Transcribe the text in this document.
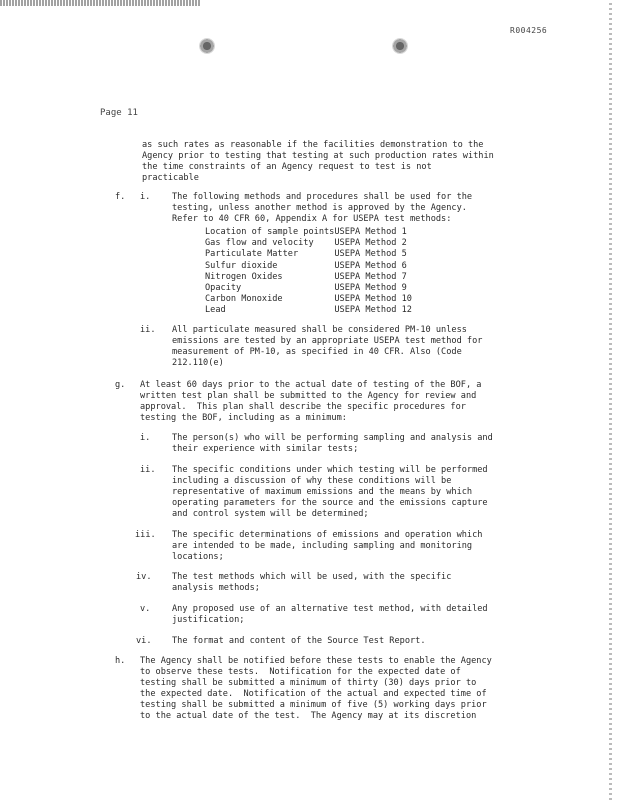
R004256
Page 11
as such rates as reasonable if the facilities demonstration to the
Agency prior to testing that testing at such production rates within
the time constraints of an Agency request to test is not
practicable
f. i.	The following methods and procedures shall be used for the
testing, unless another method is approved by the Agency.
Refer to 40 CFR 60, Appendix A for USEPA test methods:
Location of sample points	USEPA Method 1
Gas flow and velocity	USEPA Method 2
Particulate Matter	USEPA Method 5
Sulfur dioxide	USEPA Method 6
Nitrogen Oxides	USEPA Method 7
Opacity	USEPA Method 9
Carbon Monoxide	USEPA Method 10
Lead	USEPA Method 12
ii. All particulate measured shall be considered PM-10 unless
emissions are tested by an appropriate USEPA test method for
measurement of PM-10, as specified in 40 CFR. Also (Code
212.110(e)
g. At least 60 days prior to the actual date of testing of the BOF, a
written test plan shall be submitted to the Agency for review and
approval.  This plan shall describe the specific procedures for
testing the BOF, including as a minimum:
i.	The person(s) who will be performing sampling and analysis and
their experience with similar tests;
ii. The specific conditions under which testing will be performed
including a discussion of why these conditions will be
representative of maximum emissions and the means by which
operating parameters for the source and the emissions capture
and control system will be determined;
iii. The specific determinations of emissions and operation which
are intended to be made, including sampling and monitoring
locations;
iv. The test methods which will be used, with the specific
analysis methods;
v.	Any proposed use of an alternative test method, with detailed
justification;
vi. The format and content of the Source Test Report.
h. The Agency shall be notified before these tests to enable the Agency
to observe these tests.  Notification for the expected date of
testing shall be submitted a minimum of thirty (30) days prior to
the expected date.  Notification of the actual and expected time of
testing shall be submitted a minimum of five (5) working days prior
to the actual date of the test.  The Agency may at its discretion
